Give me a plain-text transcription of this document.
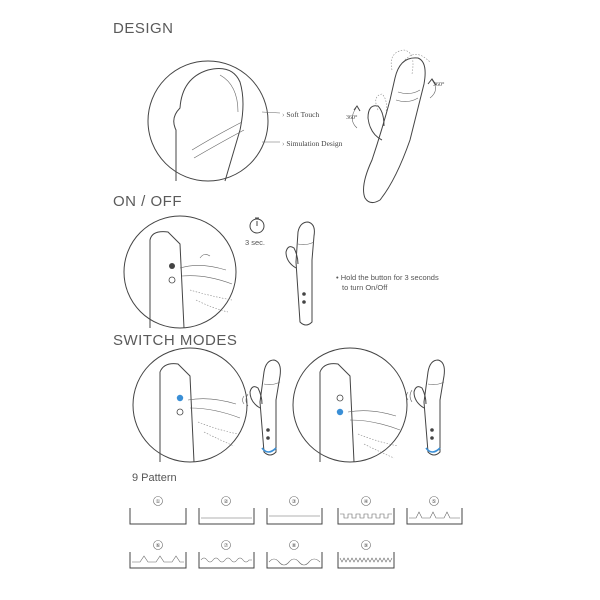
DESIGN
ON / OFF
SWITCH MODES
› Soft Touch
› Simulation Design
360°
360°
3 sec.
• Hold the button for 3 seconds
to turn On/Off
9 Pattern
①	②	③	④	⑤
⑥	⑦	⑧	⑨
